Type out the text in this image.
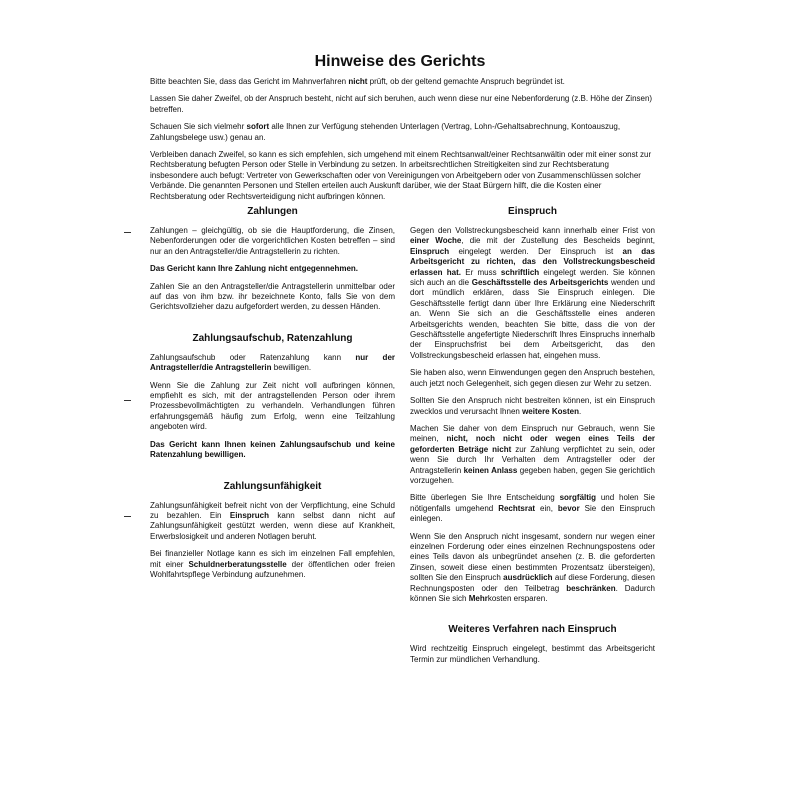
Hinweise des Gerichts

Bitte beachten Sie, dass das Gericht im Mahnverfahren nicht prüft, ob der geltend gemachte Anspruch begründet ist.

Lassen Sie daher Zweifel, ob der Anspruch besteht, nicht auf sich beruhen, auch wenn diese nur eine Nebenforderung (z.B. Höhe der Zinsen) betreffen.

Schauen Sie sich vielmehr sofort alle Ihnen zur Verfügung stehenden Unterlagen (Vertrag, Lohn-/Gehaltsabrechnung, Kontoauszug, Zahlungsbelege usw.) genau an.

Verbleiben danach Zweifel, so kann es sich empfehlen, sich umgehend mit einem Rechtsanwalt/einer Rechtsanwältin oder mit einer sonst zur Rechtsberatung befugten Person oder Stelle in Verbindung zu setzen. In arbeitsrechtlichen Streitigkeiten sind zur Rechtsberatung insbesondere auch befugt: Vertreter von Gewerkschaften oder von Vereinigungen von Arbeitgebern oder von Zusammenschlüssen solcher Verbände. Die genannten Personen und Stellen erteilen auch Auskunft darüber, wie der Staat Bürgern hilft, die die Kosten einer Rechtsberatung oder Rechtsverteidigung nicht aufbringen können.

Zahlungen

Zahlungen – gleichgültig, ob sie die Hauptforderung, die Zinsen, Nebenforderungen oder die vorgerichtlichen Kosten betreffen – sind nur an den Antragsteller/die Antragstellerin zu richten.

Das Gericht kann Ihre Zahlung nicht entgegennehmen.

Zahlen Sie an den Antragsteller/die Antragstellerin unmittelbar oder auf das von ihm bzw. ihr bezeichnete Konto, falls Sie von dem Gerichtsvollzieher dazu aufgefordert werden, zu dessen Händen.

Zahlungsaufschub, Ratenzahlung

Zahlungsaufschub oder Ratenzahlung kann nur der Antragsteller/die Antragstellerin bewilligen.

Wenn Sie die Zahlung zur Zeit nicht voll aufbringen können, empfiehlt es sich, mit der antragstellenden Person oder ihrem Prozessbevollmächtigten zu verhandeln. Verhandlungen führen erfahrungsgemäß häufig zum Erfolg, wenn eine Teilzahlung angeboten wird.

Das Gericht kann Ihnen keinen Zahlungsaufschub und keine Ratenzahlung bewilligen.

Zahlungsunfähigkeit

Zahlungsunfähigkeit befreit nicht von der Verpflichtung, eine Schuld zu bezahlen. Ein Einspruch kann selbst dann nicht auf Zahlungsunfähigkeit gestützt werden, wenn diese auf Krankheit, Erwerbslosigkeit und anderen Notlagen beruht.

Bei finanzieller Notlage kann es sich im einzelnen Fall empfehlen, mit einer Schuldnerberatungsstelle der öffentlichen oder freien Wohlfahrtspflege Verbindung aufzunehmen.

Einspruch

Gegen den Vollstreckungsbescheid kann innerhalb einer Frist von einer Woche, die mit der Zustellung des Bescheids beginnt, Einspruch eingelegt werden. Der Einspruch ist an das Arbeitsgericht zu richten, das den Vollstreckungsbescheid erlassen hat. Er muss schriftlich eingelegt werden. Sie können sich auch an die Geschäftsstelle des Arbeitsgerichts wenden und dort mündlich erklären, dass Sie Einspruch einlegen. Die Geschäftsstelle fertigt dann über Ihre Erklärung eine Niederschrift an. Wenn Sie sich an die Geschäftsstelle eines anderen Arbeitsgerichts wenden, beachten Sie bitte, dass die von der Geschäftsstelle angefertigte Niederschrift Ihres Einspruchs innerhalb der Einspruchsfrist bei dem Arbeitsgericht, das den Vollstreckungsbescheid erlassen hat, eingehen muss.

Sie haben also, wenn Einwendungen gegen den Anspruch bestehen, auch jetzt noch Gelegenheit, sich gegen diesen zur Wehr zu setzen.

Sollten Sie den Anspruch nicht bestreiten können, ist ein Einspruch zwecklos und verursacht Ihnen weitere Kosten.

Machen Sie daher von dem Einspruch nur Gebrauch, wenn Sie meinen, nicht, noch nicht oder wegen eines Teils der geforderten Beträge nicht zur Zahlung verpflichtet zu sein, oder wenn Sie durch Ihr Verhalten dem Antragsteller oder der Antragstellerin keinen Anlass gegeben haben, gegen Sie gerichtlich vorzugehen.

Bitte überlegen Sie Ihre Entscheidung sorgfältig und holen Sie nötigenfalls umgehend Rechtsrat ein, bevor Sie den Einspruch einlegen.

Wenn Sie den Anspruch nicht insgesamt, sondern nur wegen einer einzelnen Forderung oder eines einzelnen Rechnungspostens oder eines Teils davon als unbegründet ansehen (z. B. die geforderten Zinsen, soweit diese einen bestimmten Prozentsatz übersteigen), sollten Sie den Einspruch ausdrücklich auf diese Forderung, diesen Rechnungsposten oder den Teilbetrag beschränken. Dadurch können Sie sich Mehrkosten ersparen.

Weiteres Verfahren nach Einspruch

Wird rechtzeitig Einspruch eingelegt, bestimmt das Arbeitsgericht Termin zur mündlichen Verhandlung.
